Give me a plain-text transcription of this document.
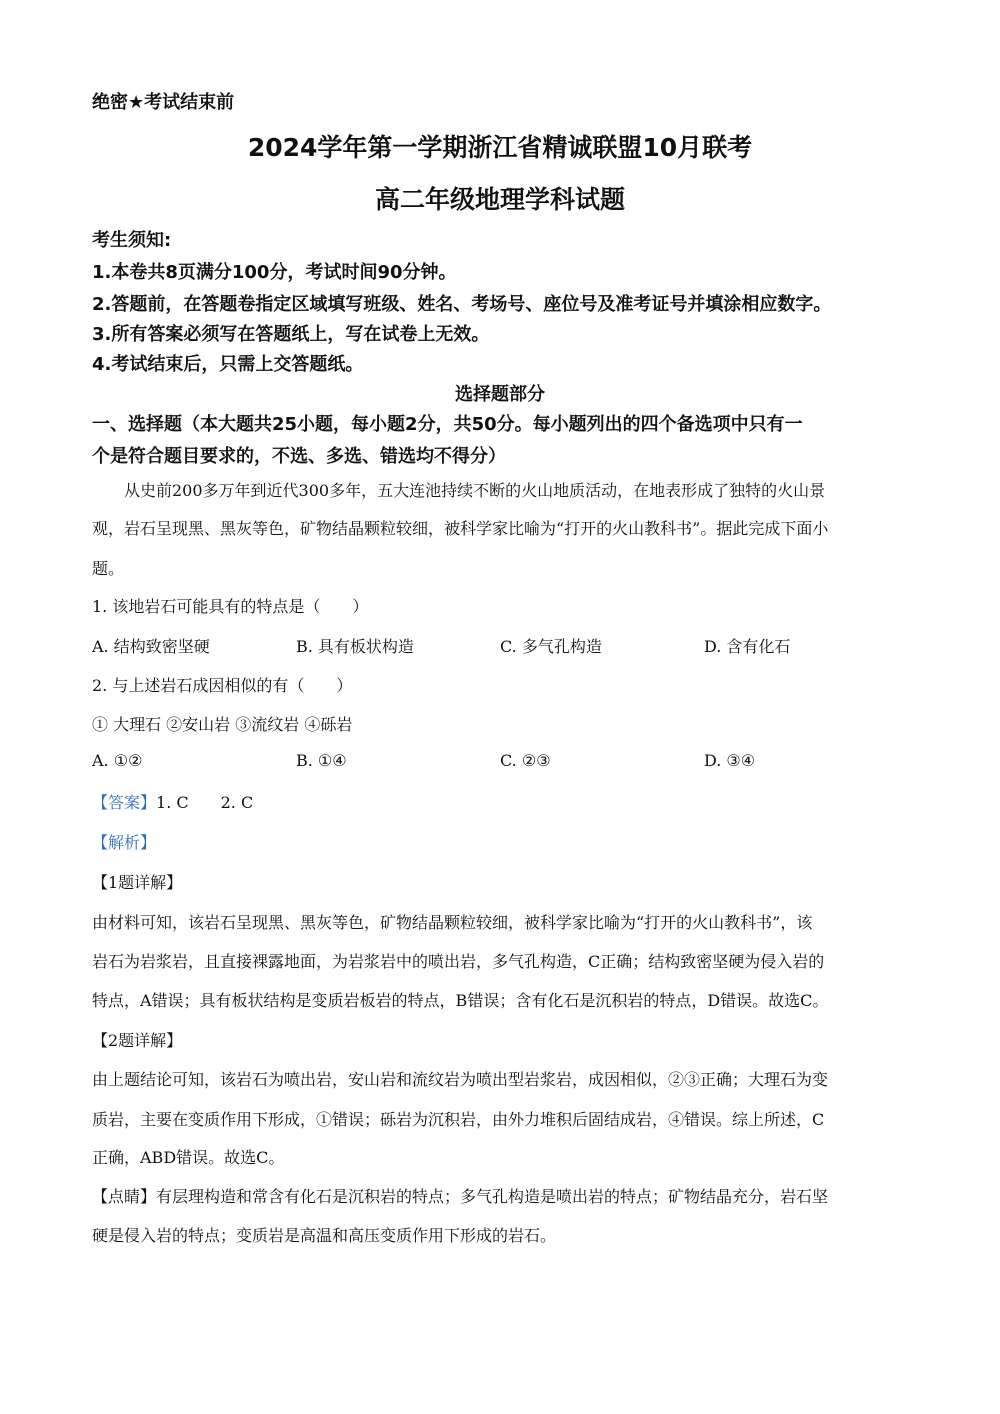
绝密★考试结束前
2024学年第一学期浙江省精诚联盟10月联考
高二年级地理学科试题
考生须知:
1.本卷共8页满分100分，考试时间90分钟。
2.答题前，在答题卷指定区域填写班级、姓名、考场号、座位号及准考证号并填涂相应数字。
3.所有答案必须写在答题纸上，写在试卷上无效。
4.考试结束后，只需上交答题纸。
选择题部分
一、选择题（本大题共25小题，每小题2分，共50分。每小题列出的四个备选项中只有一
个是符合题目要求的，不选、多选、错选均不得分）
从史前200多万年到近代300多年，五大连池持续不断的火山地质活动，在地表形成了独特的火山景
观，岩石呈现黑、黑灰等色，矿物结晶颗粒较细，被科学家比喻为“打开的火山教科书”。据此完成下面小
题。
1. 该地岩石可能具有的特点是（　　）
A. 结构致密坚硬	B. 具有板状构造	C. 多气孔构造	D. 含有化石
2. 与上述岩石成因相似的有（　　）
① 大理石 ②安山岩 ③流纹岩 ④砾岩
A. ①②	B. ①④	C. ②③	D. ③④
【答案】1. C　　2. C
【解析】
【1题详解】
由材料可知，该岩石呈现黑、黑灰等色，矿物结晶颗粒较细，被科学家比喻为“打开的火山教科书”，该
岩石为岩浆岩，且直接裸露地面，为岩浆岩中的喷出岩，多气孔构造，C正确；结构致密坚硬为侵入岩的
特点，A错误；具有板状结构是变质岩板岩的特点，B错误；含有化石是沉积岩的特点，D错误。故选C。
【2题详解】
由上题结论可知，该岩石为喷出岩，安山岩和流纹岩为喷出型岩浆岩，成因相似，②③正确；大理石为变
质岩，主要在变质作用下形成，①错误；砾岩为沉积岩，由外力堆积后固结成岩，④错误。综上所述，C
正确，ABD错误。故选C。
【点睛】有层理构造和常含有化石是沉积岩的特点；多气孔构造是喷出岩的特点；矿物结晶充分，岩石坚
硬是侵入岩的特点；变质岩是高温和高压变质作用下形成的岩石。
